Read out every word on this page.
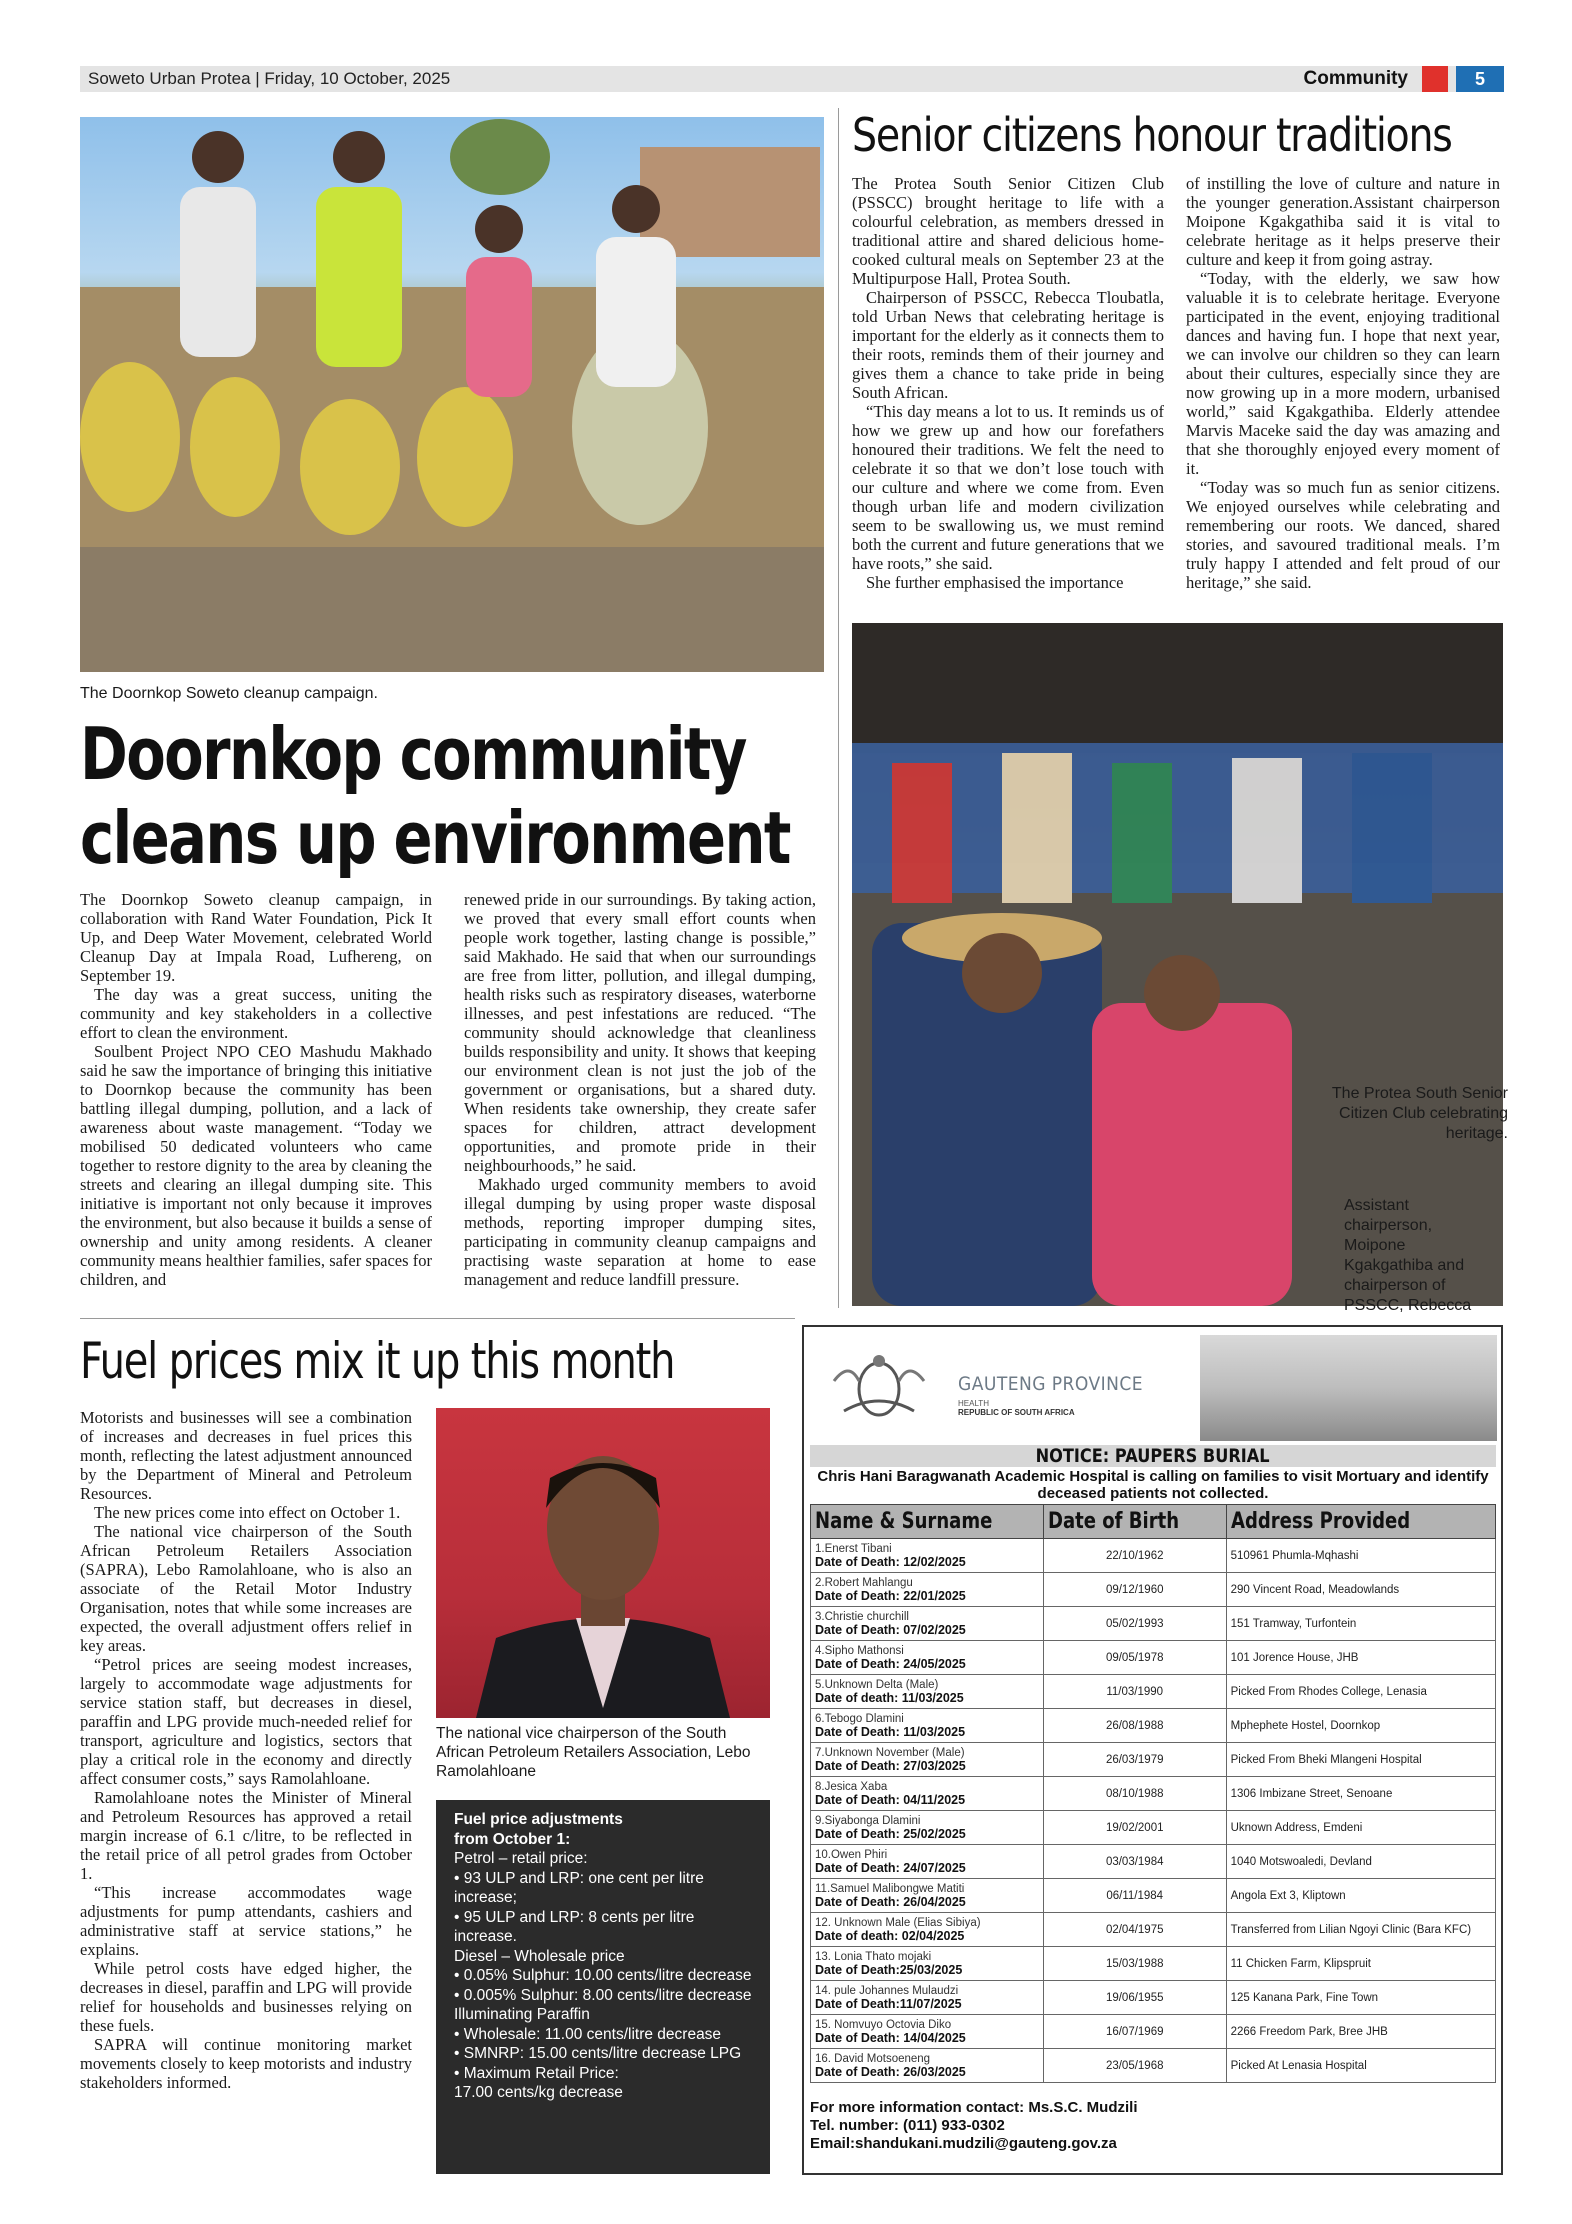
Soweto Urban Protea | Friday, 10 October, 2025	Community	5
The Doornkop Soweto cleanup campaign.
Doornkop community
cleans up environment

The Doornkop Soweto cleanup campaign, in collaboration with Rand Water Foundation, Pick It Up, and Deep Water Movement, celebrated World Cleanup Day at Impala Road, Lufhereng, on September 19.

The day was a great success, uniting the community and key stakeholders in a collective effort to clean the environment.

Soulbent Project NPO CEO Mashudu Makhado said he saw the importance of bringing this initiative to Doornkop because the community has been battling illegal dumping, pollution, and a lack of awareness about waste management. “Today we mobilised 50 dedicated volunteers who came together to restore dignity to the area by cleaning the streets and clearing an illegal dumping site. This initiative is important not only because it improves the environment, but also because it builds a sense of ownership and unity among residents. A cleaner community means healthier families, safer spaces for children, and

renewed pride in our surroundings. By taking action, we proved that every small effort counts when people work together, lasting change is possible,” said Makhado. He said that when our surroundings are free from litter, pollution, and illegal dumping, health risks such as respiratory diseases, waterborne illnesses, and pest infestations are reduced. “The community should acknowledge that cleanliness builds responsibility and unity. It shows that keeping our environment clean is not just the job of the government or organisations, but a shared duty. When residents take ownership, they create safer spaces for children, attract development opportunities, and promote pride in their neighbourhoods,” he said.

Makhado urged community members to avoid illegal dumping by using proper waste disposal methods, reporting improper dumping sites, participating in community cleanup campaigns and practising waste separation at home to ease management and reduce landfill pressure.

Senior citizens honour traditions

The Protea South Senior Citizen Club (PSSCC) brought heritage to life with a colourful celebration, as members dressed in traditional attire and shared delicious home-cooked cultural meals on September 23 at the Multipurpose Hall, Protea South.

Chairperson of PSSCC, Rebecca Tloubatla, told Urban News that celebrating heritage is important for the elderly as it connects them to their roots, reminds them of their journey and gives them a chance to take pride in being South African.

“This day means a lot to us. It reminds us of how we grew up and how our forefathers honoured their traditions. We felt the need to celebrate it so that we don’t lose touch with our culture and where we come from. Even though urban life and modern civilization seem to be swallowing us, we must remind both the current and future generations that we have roots,” she said.

She further emphasised the importance

of instilling the love of culture and nature in the younger generation.Assistant chairperson Moipone Kgakgathiba said it is vital to celebrate heritage as it helps preserve their culture and keep it from going astray.

“Today, with the elderly, we saw how valuable it is to celebrate heritage. Everyone participated in the event, enjoying traditional dances and having fun. I hope that next year, we can involve our children so they can learn about their cultures, especially since they are now growing up in a more modern, urbanised world,” said Kgakgathiba. Elderly attendee Marvis Maceke said the day was amazing and that she thoroughly enjoyed every moment of it.

“Today was so much fun as senior citizens. We enjoyed ourselves while celebrating and remembering our roots. We danced, shared stories, and savoured traditional meals. I’m truly happy I attended and felt proud of our heritage,” she said.

The Protea South Senior Citizen Club celebrating heritage.
Assistant chairperson, Moipone Kgakgathiba and chairperson of PSSCC, Rebecca
Fuel prices mix it up this month

Motorists and businesses will see a combination of increases and decreases in fuel prices this month, reflecting the latest adjustment announced by the Department of Mineral and Petroleum Resources.

The new prices come into effect on October 1.

The national vice chairperson of the South African Petroleum Retailers Association (SAPRA), Lebo Ramolahloane, who is also an associate of the Retail Motor Industry Organisation, notes that while some increases are expected, the overall adjustment offers relief in key areas.

“Petrol prices are seeing modest increases, largely to accommodate wage adjustments for service station staff, but decreases in diesel, paraffin and LPG provide much-needed relief for transport, agriculture and logistics, sectors that play a critical role in the economy and directly affect consumer costs,” says Ramolahloane.

Ramolahloane notes the Minister of Mineral and Petroleum Resources has approved a retail margin increase of 6.1 c/litre, to be reflected in the retail price of all petrol grades from October 1.

“This increase accommodates wage adjustments for pump attendants, cashiers and administrative staff at service stations,” he explains.

While petrol costs have edged higher, the decreases in diesel, paraffin and LPG will provide relief for households and businesses relying on these fuels.

SAPRA will continue monitoring market movements closely to keep motorists and industry stakeholders informed.

The national vice chairperson of the South African Petroleum Retailers Association, Lebo Ramolahloane
Fuel price adjustments
from October 1:
Petrol – retail price:
• 93 ULP and LRP: one cent per litre increase;
• 95 ULP and LRP: 8 cents per litre increase.
Diesel – Wholesale price
• 0.05% Sulphur: 10.00 cents/litre decrease
• 0.005% Sulphur: 8.00 cents/litre decrease
Illuminating Paraffin
• Wholesale: 11.00 cents/litre decrease
• SMNRP: 15.00 cents/litre decrease LPG
• Maximum Retail Price:
17.00 cents/kg decrease
GAUTENG PROVINCE
HEALTH
REPUBLIC OF SOUTH AFRICA
NOTICE: PAUPERS BURIAL
Chris Hani Baragwanath Academic Hospital is calling on families to visit Mortuary and identify deceased patients not collected.
Name & Surname	Date of Birth	Address Provided

1.Enerst Tibani
Date of Death: 12/02/2025	22/10/1962	510961 Phumla-Mqhashi

2.Robert Mahlangu
Date of Death: 22/01/2025	09/12/1960	290 Vincent Road, Meadowlands

3.Christie churchill
Date of Death: 07/02/2025	05/02/1993	151 Tramway, Turfontein

4.Sipho Mathonsi
Date of Death: 24/05/2025	09/05/1978	101 Jorence House, JHB

5.Unknown Delta (Male)
Date of death: 11/03/2025	11/03/1990	Picked From Rhodes College, Lenasia

6.Tebogo Dlamini
Date of Death: 11/03/2025	26/08/1988	Mphephete Hostel, Doornkop

7.Unknown November (Male)
Date of Death: 27/03/2025	26/03/1979	Picked From Bheki Mlangeni Hospital

8.Jesica Xaba
Date of Death: 04/11/2025	08/10/1988	1306 Imbizane Street, Senoane

9.Siyabonga Dlamini
Date of Death: 25/02/2025	19/02/2001	Uknown Address, Emdeni

10.Owen Phiri
Date of Death: 24/07/2025	03/03/1984	1040 Motswoaledi, Devland

11.Samuel Malibongwe Matiti
Date of Death: 26/04/2025	06/11/1984	Angola Ext 3, Kliptown

12. Unknown Male (Elias Sibiya)
Date of death: 02/04/2025	02/04/1975	Transferred from Lilian Ngoyi Clinic (Bara KFC)

13. Lonia Thato mojaki
Date of Death:25/03/2025	15/03/1988	11 Chicken Farm, Klipspruit

14. pule Johannes Mulaudzi
Date of Death:11/07/2025	19/06/1955	125 Kanana Park, Fine Town

15. Nomvuyo Octovia Diko
Date of Death: 14/04/2025	16/07/1969	2266 Freedom Park, Bree JHB

16. David Motsoeneng
Date of Death: 26/03/2025	23/05/1968	Picked At Lenasia Hospital
For more information contact: Ms.S.C. Mudzili
Tel. number: (011) 933-0302
Email:shandukani.mudzili@gauteng.gov.za
